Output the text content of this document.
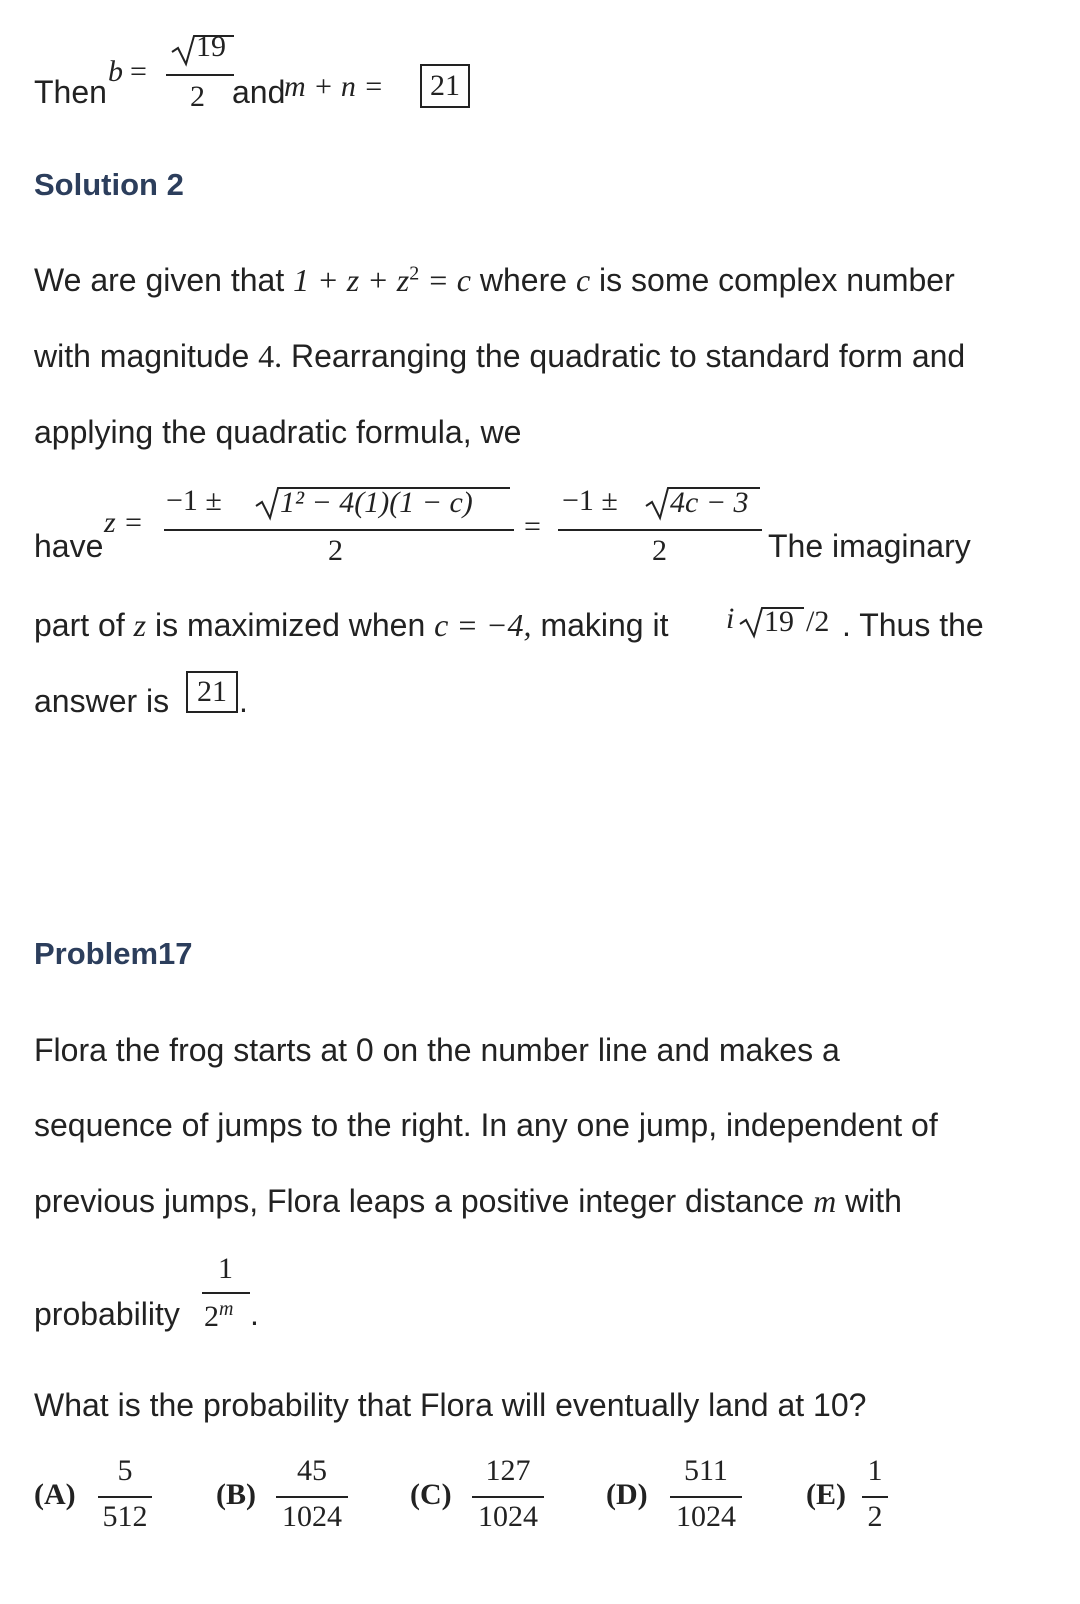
Then
b =
19
2 and
m + n =	21
Solution 2
We are given that $1 + z + z^2 = c$ where c is some complex number
with magnitude 4. Rearranging the quadratic to standard form and
applying the quadratic formula, we
have
z =
−1 ± 1² − 4(1)(1 − c)
2
=
−1 ± 4c − 3
2	The imaginary
part of z is maximized when c = −4, making it i 19 /2 . Thus the
answer is 21 .
Problem17
Flora the frog starts at 0 on the number line and makes a
sequence of jumps to the right. In any one jump, independent of
previous jumps, Flora leaps a positive integer distance m with
probability
1
2$^m$ .
What is the probability that Flora will eventually land at 10?
(A)
5
512
(B)
45
1024
(C)
127
1024
(D)
511
1024
(E)
1
2
